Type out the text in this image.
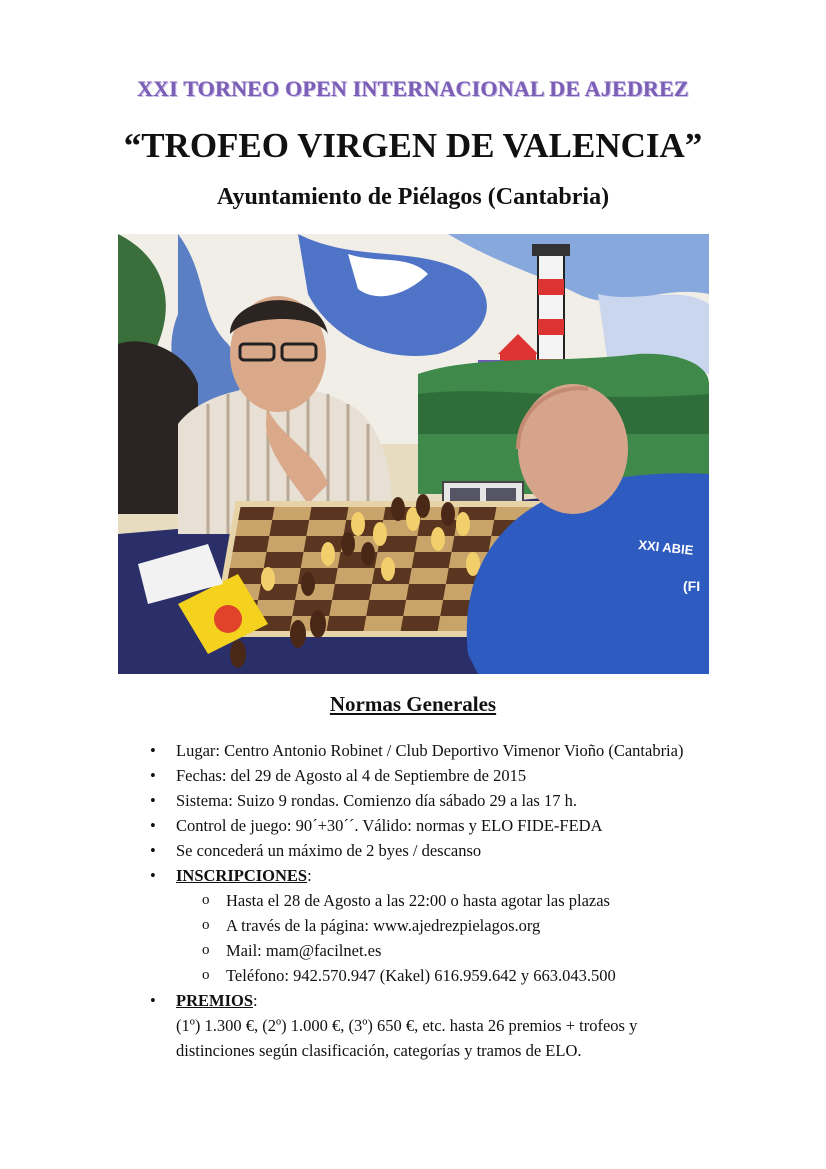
XXI TORNEO OPEN INTERNACIONAL DE AJEDREZ
“TROFEO VIRGEN DE VALENCIA”
Ayuntamiento de Piélagos (Cantabria)
XXI ABIE
(FI
Normas Generales
• Lugar: Centro Antonio Robinet / Club Deportivo Vimenor Vioño (Cantabria)
• Fechas: del 29 de Agosto al 4 de Septiembre de 2015
• Sistema: Suizo 9 rondas. Comienzo día sábado 29 a las 17 h.
• Control de juego: 90´+30´´. Válido: normas y ELO FIDE-FEDA
• Se concederá un máximo de 2 byes / descanso
• INSCRIPCIONES:
o Hasta el 28 de Agosto a las 22:00 o hasta agotar las plazas
o A través de la página: www.ajedrezpielagos.org
o Mail: mam@facilnet.es
o Teléfono: 942.570.947 (Kakel) 616.959.642 y 663.043.500
• PREMIOS:
(1º) 1.300 €, (2º) 1.000 €, (3º) 650 €, etc. hasta 26 premios + trofeos y distinciones según clasificación, categorías y tramos de ELO.
